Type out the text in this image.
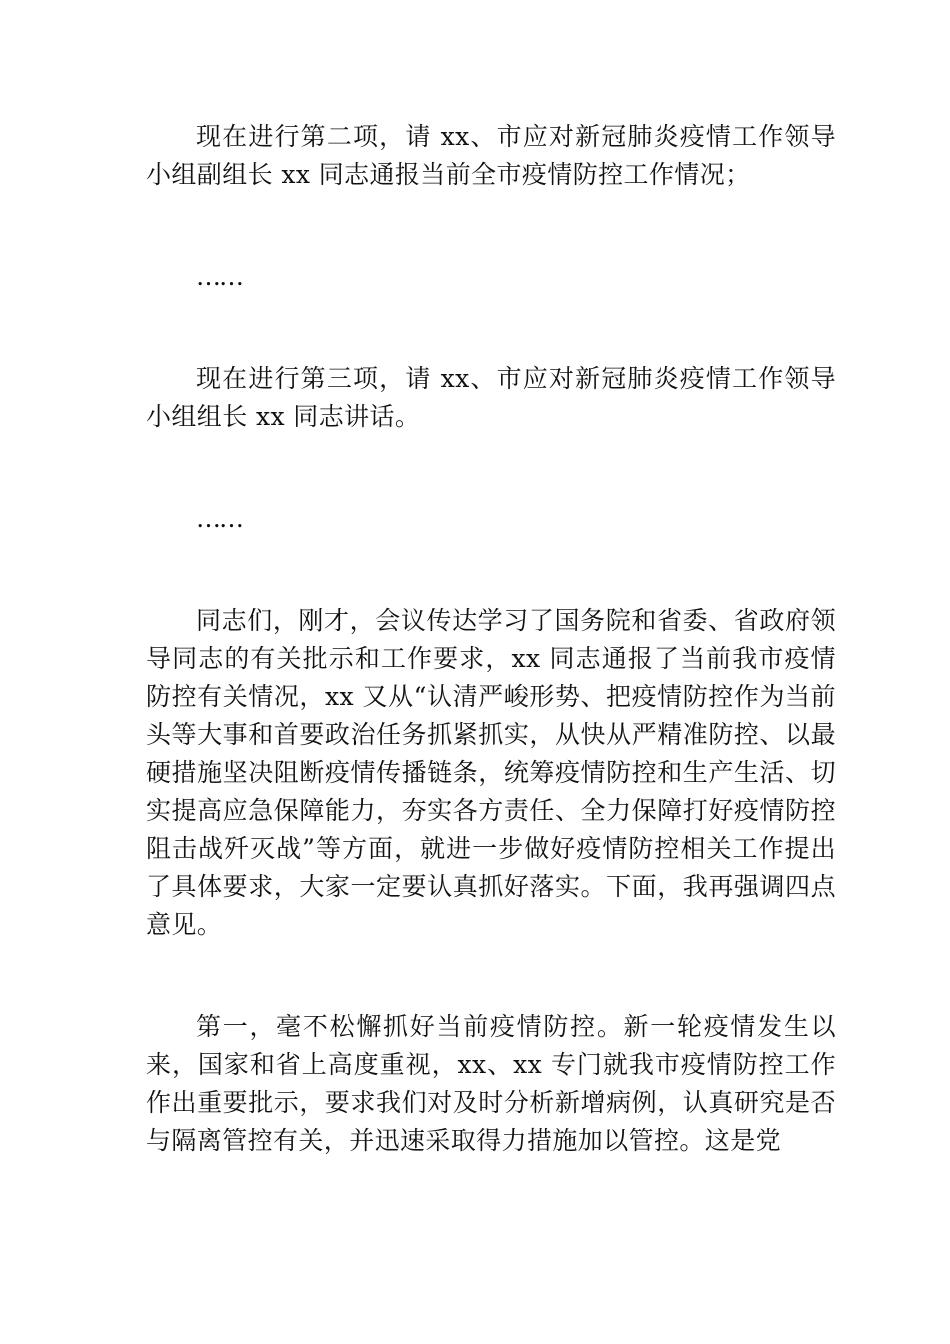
现在进行第二项，请 xx、市应对新冠肺炎疫情工作领导小组副组长 xx 同志通报当前全市疫情防控工作情况；

……

现在进行第三项，请 xx、市应对新冠肺炎疫情工作领导小组组长 xx 同志讲话。

……

同志们，刚才，会议传达学习了国务院和省委、省政府领导同志的有关批示和工作要求，xx 同志通报了当前我市疫情防控有关情况，xx 又从“认清严峻形势、把疫情防控作为当前头等大事和首要政治任务抓紧抓实，从快从严精准防控、以最硬措施坚决阻断疫情传播链条，统筹疫情防控和生产生活、切实提高应急保障能力，夯实各方责任、全力保障打好疫情防控阻击战歼灭战”等方面，就进一步做好疫情防控相关工作提出了具体要求，大家一定要认真抓好落实。下面，我再强调四点意见。

第一，毫不松懈抓好当前疫情防控。新一轮疫情发生以来，国家和省上高度重视，xx、xx 专门就我市疫情防控工作作出重要批示，要求我们对及时分析新增病例，认真研究是否与隔离管控有关，并迅速采取得力措施加以管控。这是党
